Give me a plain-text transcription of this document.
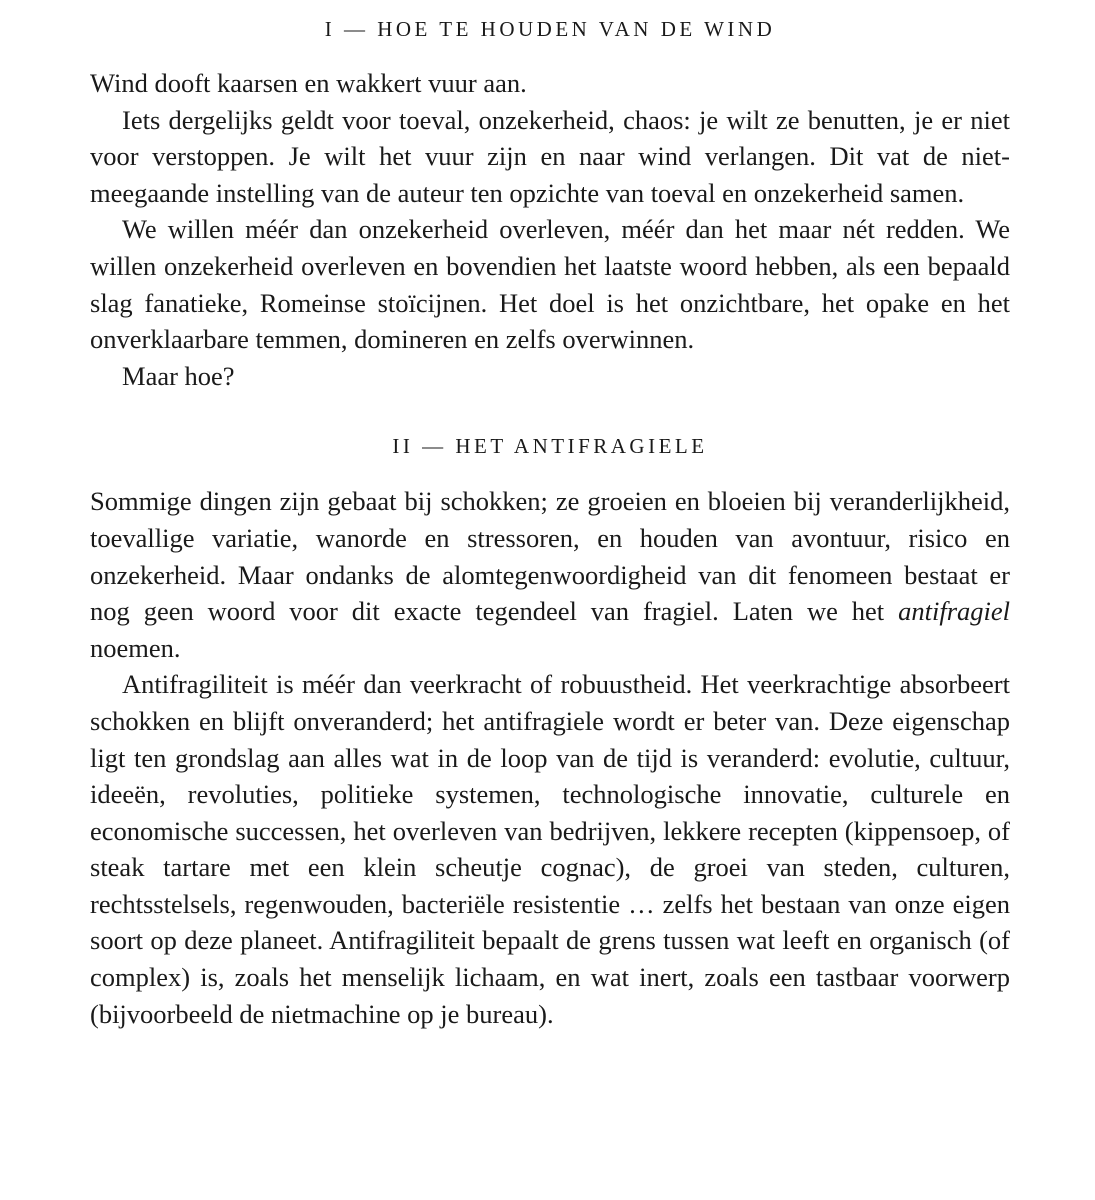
I — HOE TE HOUDEN VAN DE WIND

Wind dooft kaarsen en wakkert vuur aan.

Iets dergelijks geldt voor toeval, onzekerheid, chaos: je wilt ze benutten, je er niet voor verstoppen. Je wilt het vuur zijn en naar wind verlangen. Dit vat de niet-meegaande instelling van de auteur ten opzichte van toeval en onzekerheid samen.

We willen méér dan onzekerheid overleven, méér dan het maar nét redden. We willen onzekerheid overleven en bovendien het laatste woord hebben, als een bepaald slag fanatieke, Romeinse stoïcijnen. Het doel is het onzichtbare, het opake en het onverklaarbare temmen, domineren en zelfs overwinnen.

Maar hoe?

II — HET ANTIFRAGIELE

Sommige dingen zijn gebaat bij schokken; ze groeien en bloeien bij veranderlijkheid, toevallige variatie, wanorde en stressoren, en houden van avontuur, risico en onzekerheid. Maar ondanks de alomtegenwoordigheid van dit fenomeen bestaat er nog geen woord voor dit exacte tegendeel van fragiel. Laten we het antifragiel noemen.

Antifragiliteit is méér dan veerkracht of robuustheid. Het veerkrachtige absorbeert schokken en blijft onveranderd; het antifragiele wordt er beter van. Deze eigenschap ligt ten grondslag aan alles wat in de loop van de tijd is veranderd: evolutie, cultuur, ideeën, revoluties, politieke systemen, technologische innovatie, culturele en economische successen, het overleven van bedrijven, lekkere recepten (kippensoep, of steak tartare met een klein scheutje cognac), de groei van steden, culturen, rechtsstelsels, regenwouden, bacteriële resistentie … zelfs het bestaan van onze eigen soort op deze planeet. Antifragiliteit bepaalt de grens tussen wat leeft en organisch (of complex) is, zoals het menselijk lichaam, en wat inert, zoals een tastbaar voorwerp (bijvoorbeeld de nietmachine op je bureau).
